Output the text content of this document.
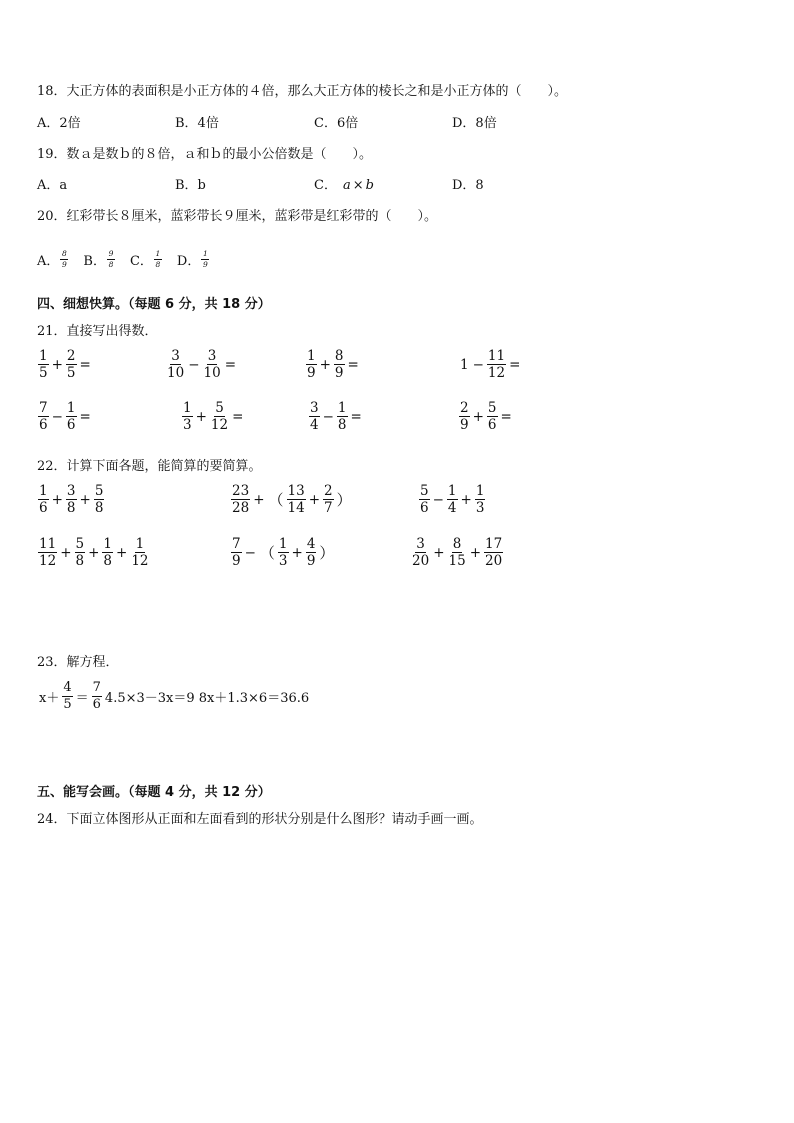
18．大正方体的表面积是小正方体的４倍，那么大正方体的棱长之和是小正方体的（　　）。
A．2倍	B．4倍	C．6倍	D．8倍
19．数ａ是数ｂ的８倍，ａ和ｂ的最小公倍数是（　　）。
A．a	B．b	C． a × b	D．8
20．红彩带长８厘米，蓝彩带长９厘米，蓝彩带是红彩带的（　　）。
A． $\frac{8}{9}$ B． $\frac{9}{8}$ C． $\frac{1}{8}$ D． $\frac{1}{9}$
四、细想快算。（每题 6 分，共 18 分）
21．直接写出得数．
$\frac{1}{5} + \frac{2}{5}$ =	$\frac{3}{10} - \frac{3}{10}$ =	$\frac{1}{9} + \frac{8}{9}$ =	$1 - \frac{11}{12}$ =
$\frac{7}{6} - \frac{1}{6}$ =	$\frac{1}{3} + \frac{5}{12}$ =	$\frac{3}{4} - \frac{1}{8}$ =	$\frac{2}{9} + \frac{5}{6}$ =
22．计算下面各题，能简算的要简算。
$\frac{1}{6} + \frac{3}{8} + \frac{5}{8}$	$\frac{23}{28}$ + （ $\frac{13}{14} + \frac{2}{7}$ ）	$\frac{5}{6} - \frac{1}{4} + \frac{1}{3}$
$\frac{11}{12} + \frac{5}{8} + \frac{1}{8} + \frac{1}{12}$	$\frac{7}{9}$ − （ $\frac{1}{3} + \frac{4}{9}$ ）	$\frac{3}{20} + \frac{8}{15} + \frac{17}{20}$
23．解方程．
$x+ \frac{4}{5} = \frac{7}{6} 4.5\times 3-3x=9$ 8x＋1.3×6＝36.6
五、能写会画。（每题 4 分，共 12 分）
24．下面立体图形从正面和左面看到的形状分别是什么图形？请动手画一画。
